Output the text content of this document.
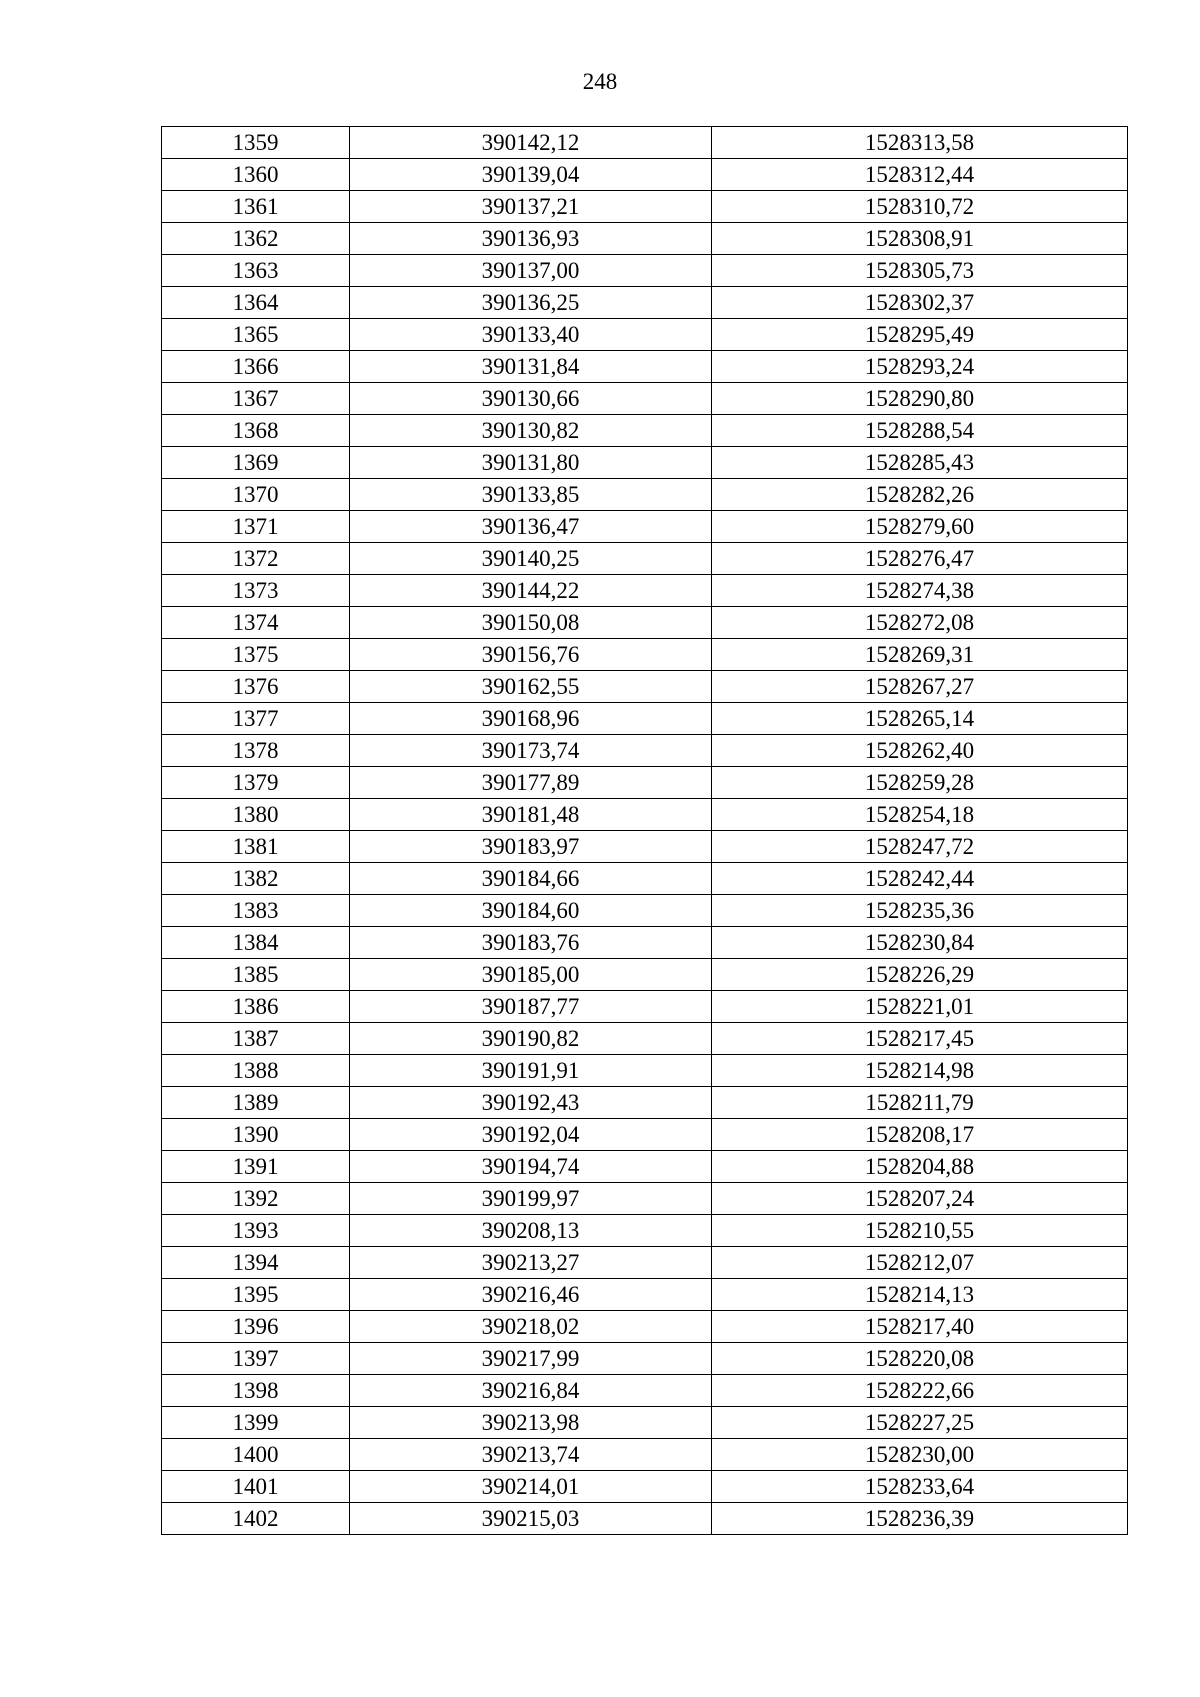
248
1359	390142,12	1528313,58
1360	390139,04	1528312,44
1361	390137,21	1528310,72
1362	390136,93	1528308,91
1363	390137,00	1528305,73
1364	390136,25	1528302,37
1365	390133,40	1528295,49
1366	390131,84	1528293,24
1367	390130,66	1528290,80
1368	390130,82	1528288,54
1369	390131,80	1528285,43
1370	390133,85	1528282,26
1371	390136,47	1528279,60
1372	390140,25	1528276,47
1373	390144,22	1528274,38
1374	390150,08	1528272,08
1375	390156,76	1528269,31
1376	390162,55	1528267,27
1377	390168,96	1528265,14
1378	390173,74	1528262,40
1379	390177,89	1528259,28
1380	390181,48	1528254,18
1381	390183,97	1528247,72
1382	390184,66	1528242,44
1383	390184,60	1528235,36
1384	390183,76	1528230,84
1385	390185,00	1528226,29
1386	390187,77	1528221,01
1387	390190,82	1528217,45
1388	390191,91	1528214,98
1389	390192,43	1528211,79
1390	390192,04	1528208,17
1391	390194,74	1528204,88
1392	390199,97	1528207,24
1393	390208,13	1528210,55
1394	390213,27	1528212,07
1395	390216,46	1528214,13
1396	390218,02	1528217,40
1397	390217,99	1528220,08
1398	390216,84	1528222,66
1399	390213,98	1528227,25
1400	390213,74	1528230,00
1401	390214,01	1528233,64
1402	390215,03	1528236,39
